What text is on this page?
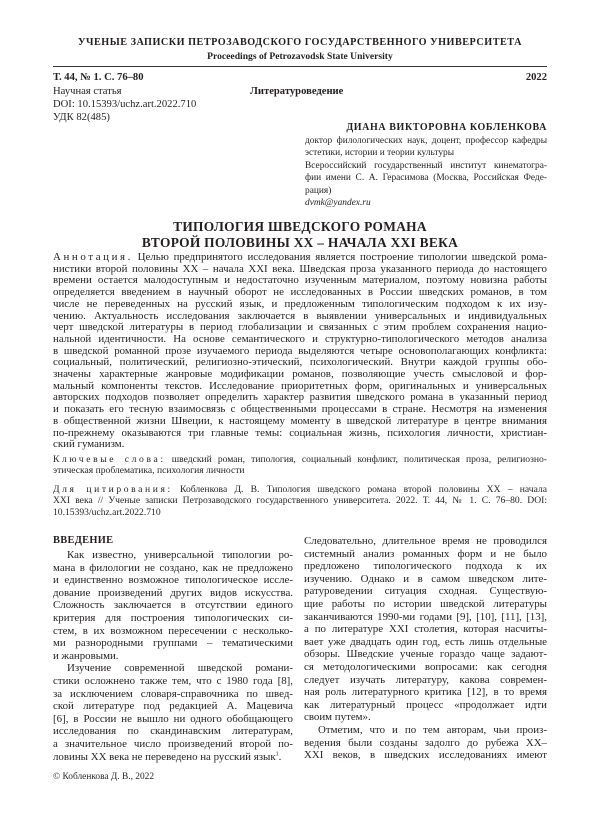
УЧЕНЫЕ ЗАПИСКИ ПЕТРОЗАВОДСКОГО ГОСУДАРСТВЕННОГО УНИВЕРСИТЕТА
Proceedings of Petrozavodsk State University
Т. 44, № 1. С. 76–80	2022
Научная статья	Литературоведение
DOI: 10.15393/uchz.art.2022.710
УДК 82(485)
ДИАНА ВИКТОРОВНА КОБЛЕНКОВА
доктор филологических наук, доцент, профессор кафедры
эстетики, истории и теории культуры
Всероссийский государственный институт кинематогра-
фии имени С. А. Герасимова (Москва, Российская Феде-
рация)
dvmk@yandex.ru
ТИПОЛОГИЯ ШВЕДСКОГО РОМАНА
ВТОРОЙ ПОЛОВИНЫ XX – НАЧАЛА XXI ВЕКА
Аннотация. Целью предпринятого исследования является построение типологии шведской рома-
нистики второй половины XX – начала XXI века. Шведская проза указанного периода до настоящего
времени остается малодоступным и недостаточно изученным материалом, поэтому новизна работы
определяется введением в научный оборот не исследованных в России шведских романов, в том
числе не переведенных на русский язык, и предложенным типологическим подходом к их изу-
чению. Актуальность исследования заключается в выявлении универсальных и индивидуальных
черт шведской литературы в период глобализации и связанных с этим проблем сохранения нацио-
нальной идентичности. На основе семантического и структурно-типологического методов анализа
в шведской романной прозе изучаемого периода выделяются четыре основополагающих конфликта:
социальный, политический, религиозно-этический, психологический. Внутри каждой группы обо-
значены характерные жанровые модификации романов, позволяющие учесть смысловой и фор-
мальный компоненты текстов. Исследование приоритетных форм, оригинальных и универсальных
авторских подходов позволяет определить характер развития шведского романа в указанный период
и показать его тесную взаимосвязь с общественными процессами в стране. Несмотря на изменения
в общественной жизни Швеции, к настоящему моменту в шведской литературе в центре внимания
по-прежнему оказываются три главные темы: социальная жизнь, психология личности, христиан-
ский гуманизм.
Ключевые слова: шведский роман, типология, социальный конфликт, политическая проза, религиозно-
этическая проблематика, психология личности
Для цитирования: Кобленкова Д. В. Типология шведского романа второй половины XX – начала
XXI века // Ученые записки Петрозаводского государственного университета. 2022. Т. 44, № 1. С. 76–80. DOI:
10.15393/uchz.art.2022.710
ВВЕДЕНИЕ
Как известно, универсальной типологии ро-
мана в филологии не создано, как не предложено
и единственно возможное типологическое иссле-
дование произведений других видов искусства.
Сложность заключается в отсутствии единого
критерия для построения типологических си-
стем, в их возможном пересечении с несколько-
ми разнородными группами – тематическими
и жанровыми.
Изучение современной шведской романи-
стики осложнено также тем, что с 1980 года [8],
за исключением словаря-справочника по швед-
ской литературе под редакцией А. Мацевича
[6], в России не вышло ни одного обобщающего
исследования по скандинавским литературам,
а значительное число произведений второй по-
ловины XX века не переведено на русский язык$^1$.
Следовательно, длительное время не проводился
системный анализ романных форм и не было
предложено типологического подхода к их
изучению. Однако и в самом шведском лите-
ратуроведении ситуация сходная. Существую-
щие работы по истории шведской литературы
заканчиваются 1990-ми годами [9], [10], [11], [13],
а по литературе XXI столетия, которая насчиты-
вает уже двадцать один год, есть лишь отдельные
обзоры. Шведские ученые гораздо чаще задают-
ся методологическими вопросами: как сегодня
следует изучать литературу, какова современ-
ная роль литературного критика [12], в то время
как литературный процесс «продолжает идти
своим путем».
Отметим, что и по тем авторам, чьи произ-
ведения были созданы задолго до рубежа XX–
XXI веков, в шведских исследованиях имеют
© Кобленкова Д. В., 2022
